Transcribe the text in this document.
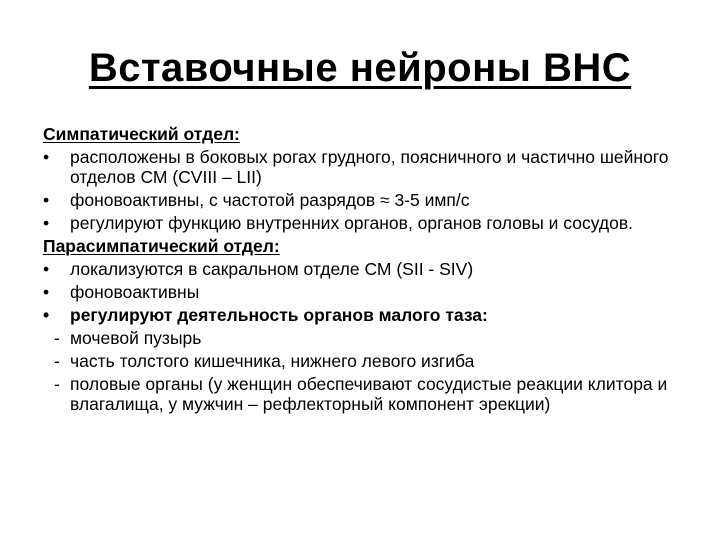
Вставочные нейроны ВНС
Симпатический отдел:
• расположены в боковых рогах грудного, поясничного и частично шейного отделов СМ (CVIII – LII)
• фоновоактивны, с частотой разрядов ≈ 3-5 имп/с
• регулируют функцию внутренних органов, органов головы и сосудов.
Парасимпатический отдел:
• локализуются в сакральном отделе СМ (SII - SIV)
• фоновоактивны
• регулируют деятельность органов малого таза:
- мочевой пузырь
- часть толстого кишечника, нижнего левого изгиба
- половые органы (у женщин обеспечивают сосудистые реакции клитора и влагалища, у мужчин – рефлекторный компонент эрекции)
